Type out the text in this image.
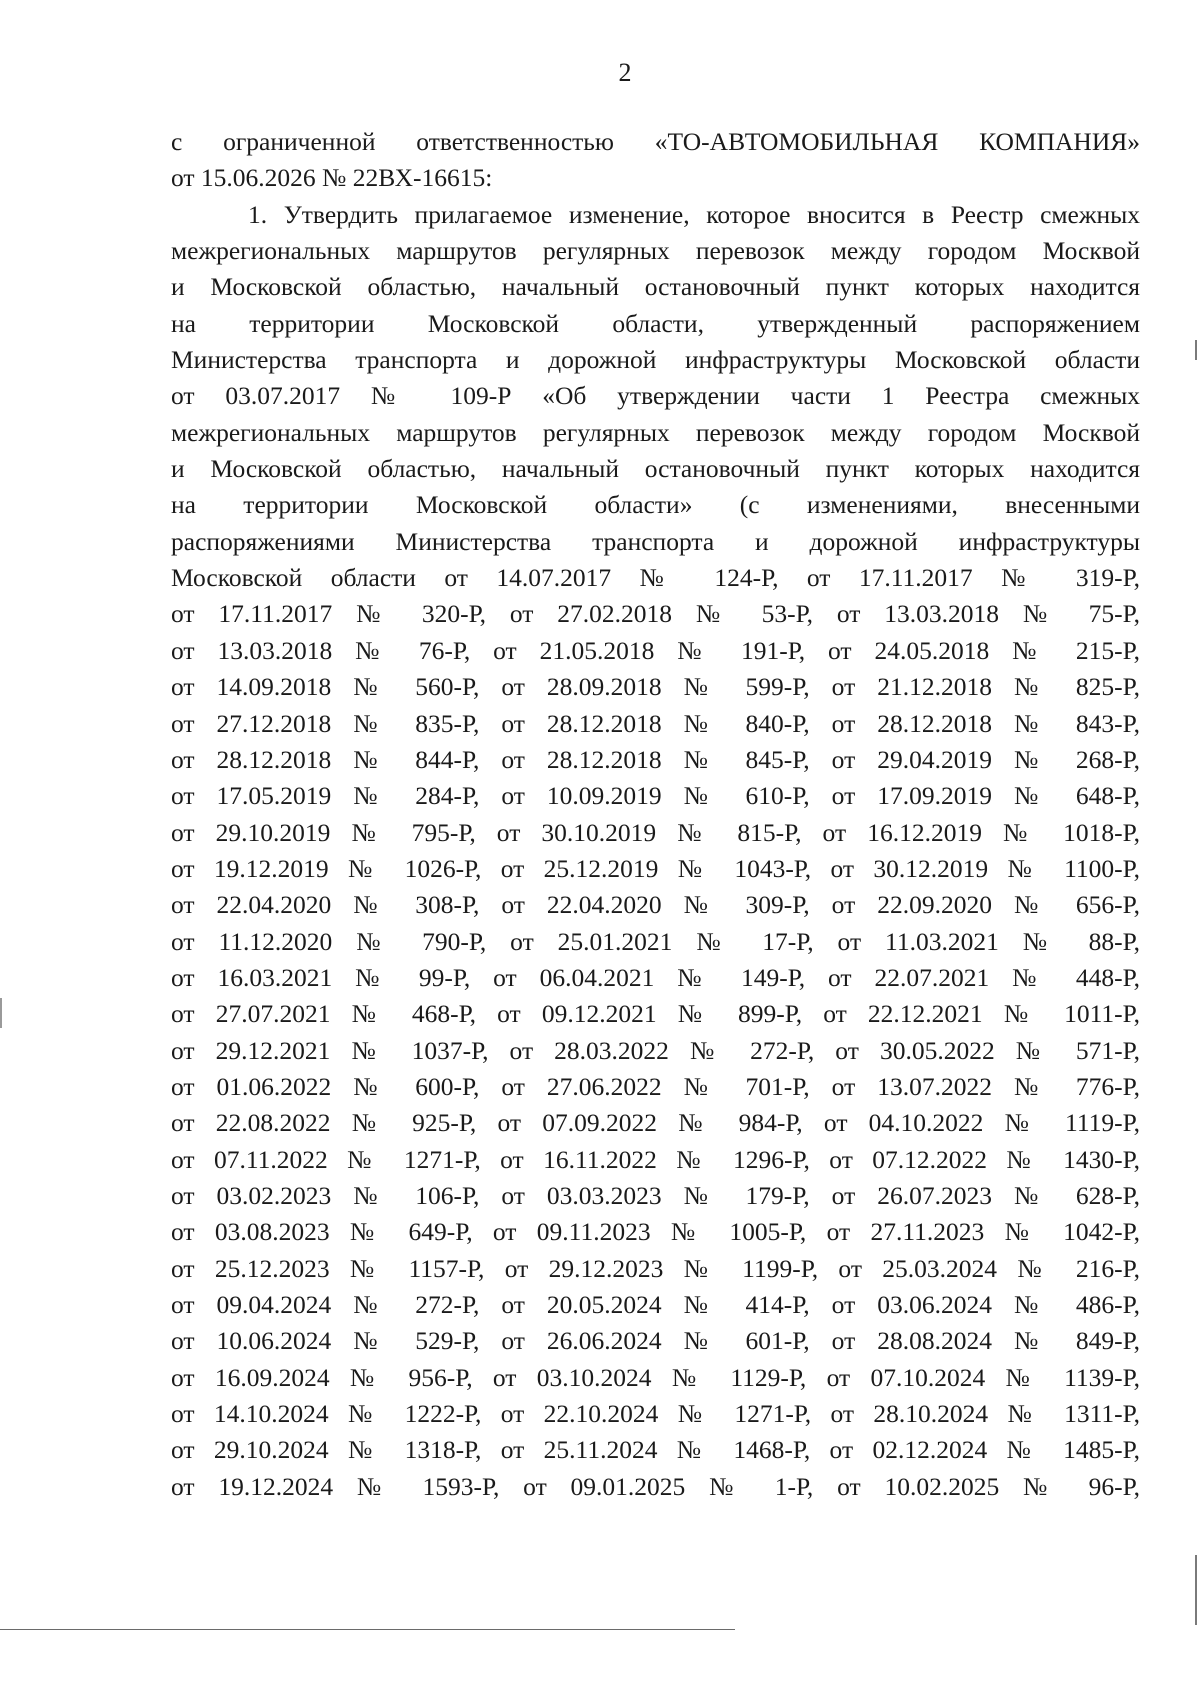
2
с ограниченной ответственностью «ТО-АВТОМОБИЛЬНАЯ КОМПАНИЯ»
от 15.06.2026 № 22ВХ-16615:
1. Утвердить прилагаемое изменение, которое вносится в Реестр смежных
межрегиональных маршрутов регулярных перевозок между городом Москвой
и Московской областью, начальный остановочный пункт которых находится
на территории Московской области, утвержденный распоряжением
Министерства транспорта и дорожной инфраструктуры Московской области
от 03.07.2017 № 109-Р «Об утверждении части 1 Реестра смежных
межрегиональных маршрутов регулярных перевозок между городом Москвой
и Московской областью, начальный остановочный пункт которых находится
на территории Московской области» (с изменениями, внесенными
распоряжениями Министерства транспорта и дорожной инфраструктуры
Московской области от 14.07.2017 № 124-Р, от 17.11.2017 № 319-Р,
от 17.11.2017 № 320-Р, от 27.02.2018 № 53-Р, от 13.03.2018 № 75-Р,
от 13.03.2018 № 76-Р, от 21.05.2018 № 191-Р, от 24.05.2018 № 215-Р,
от 14.09.2018 № 560-Р, от 28.09.2018 № 599-Р, от 21.12.2018 № 825-Р,
от 27.12.2018 № 835-Р, от 28.12.2018 № 840-Р, от 28.12.2018 № 843-Р,
от 28.12.2018 № 844-Р, от 28.12.2018 № 845-Р, от 29.04.2019 № 268-Р,
от 17.05.2019 № 284-Р, от 10.09.2019 № 610-Р, от 17.09.2019 № 648-Р,
от 29.10.2019 № 795-Р, от 30.10.2019 № 815-Р, от 16.12.2019 № 1018-Р,
от 19.12.2019 № 1026-Р, от 25.12.2019 № 1043-Р, от 30.12.2019 № 1100-Р,
от 22.04.2020 № 308-Р, от 22.04.2020 № 309-Р, от 22.09.2020 № 656-Р,
от 11.12.2020 № 790-Р, от 25.01.2021 № 17-Р, от 11.03.2021 № 88-Р,
от 16.03.2021 № 99-Р, от 06.04.2021 № 149-Р, от 22.07.2021 № 448-Р,
от 27.07.2021 № 468-Р, от 09.12.2021 № 899-Р, от 22.12.2021 № 1011-Р,
от 29.12.2021 № 1037-Р, от 28.03.2022 № 272-Р, от 30.05.2022 № 571-Р,
от 01.06.2022 № 600-Р, от 27.06.2022 № 701-Р, от 13.07.2022 № 776-Р,
от 22.08.2022 № 925-Р, от 07.09.2022 № 984-Р, от 04.10.2022 № 1119-Р,
от 07.11.2022 № 1271-Р, от 16.11.2022 № 1296-Р, от 07.12.2022 № 1430-Р,
от 03.02.2023 № 106-Р, от 03.03.2023 № 179-Р, от 26.07.2023 № 628-Р,
от 03.08.2023 № 649-Р, от 09.11.2023 № 1005-Р, от 27.11.2023 № 1042-Р,
от 25.12.2023 № 1157-Р, от 29.12.2023 № 1199-Р, от 25.03.2024 № 216-Р,
от 09.04.2024 № 272-Р, от 20.05.2024 № 414-Р, от 03.06.2024 № 486-Р,
от 10.06.2024 № 529-Р, от 26.06.2024 № 601-Р, от 28.08.2024 № 849-Р,
от 16.09.2024 № 956-Р, от 03.10.2024 № 1129-Р, от 07.10.2024 № 1139-Р,
от 14.10.2024 № 1222-Р, от 22.10.2024 № 1271-Р, от 28.10.2024 № 1311-Р,
от 29.10.2024 № 1318-Р, от 25.11.2024 № 1468-Р, от 02.12.2024 № 1485-Р,
от 19.12.2024 № 1593-Р, от 09.01.2025 № 1-Р, от 10.02.2025 № 96-Р,
